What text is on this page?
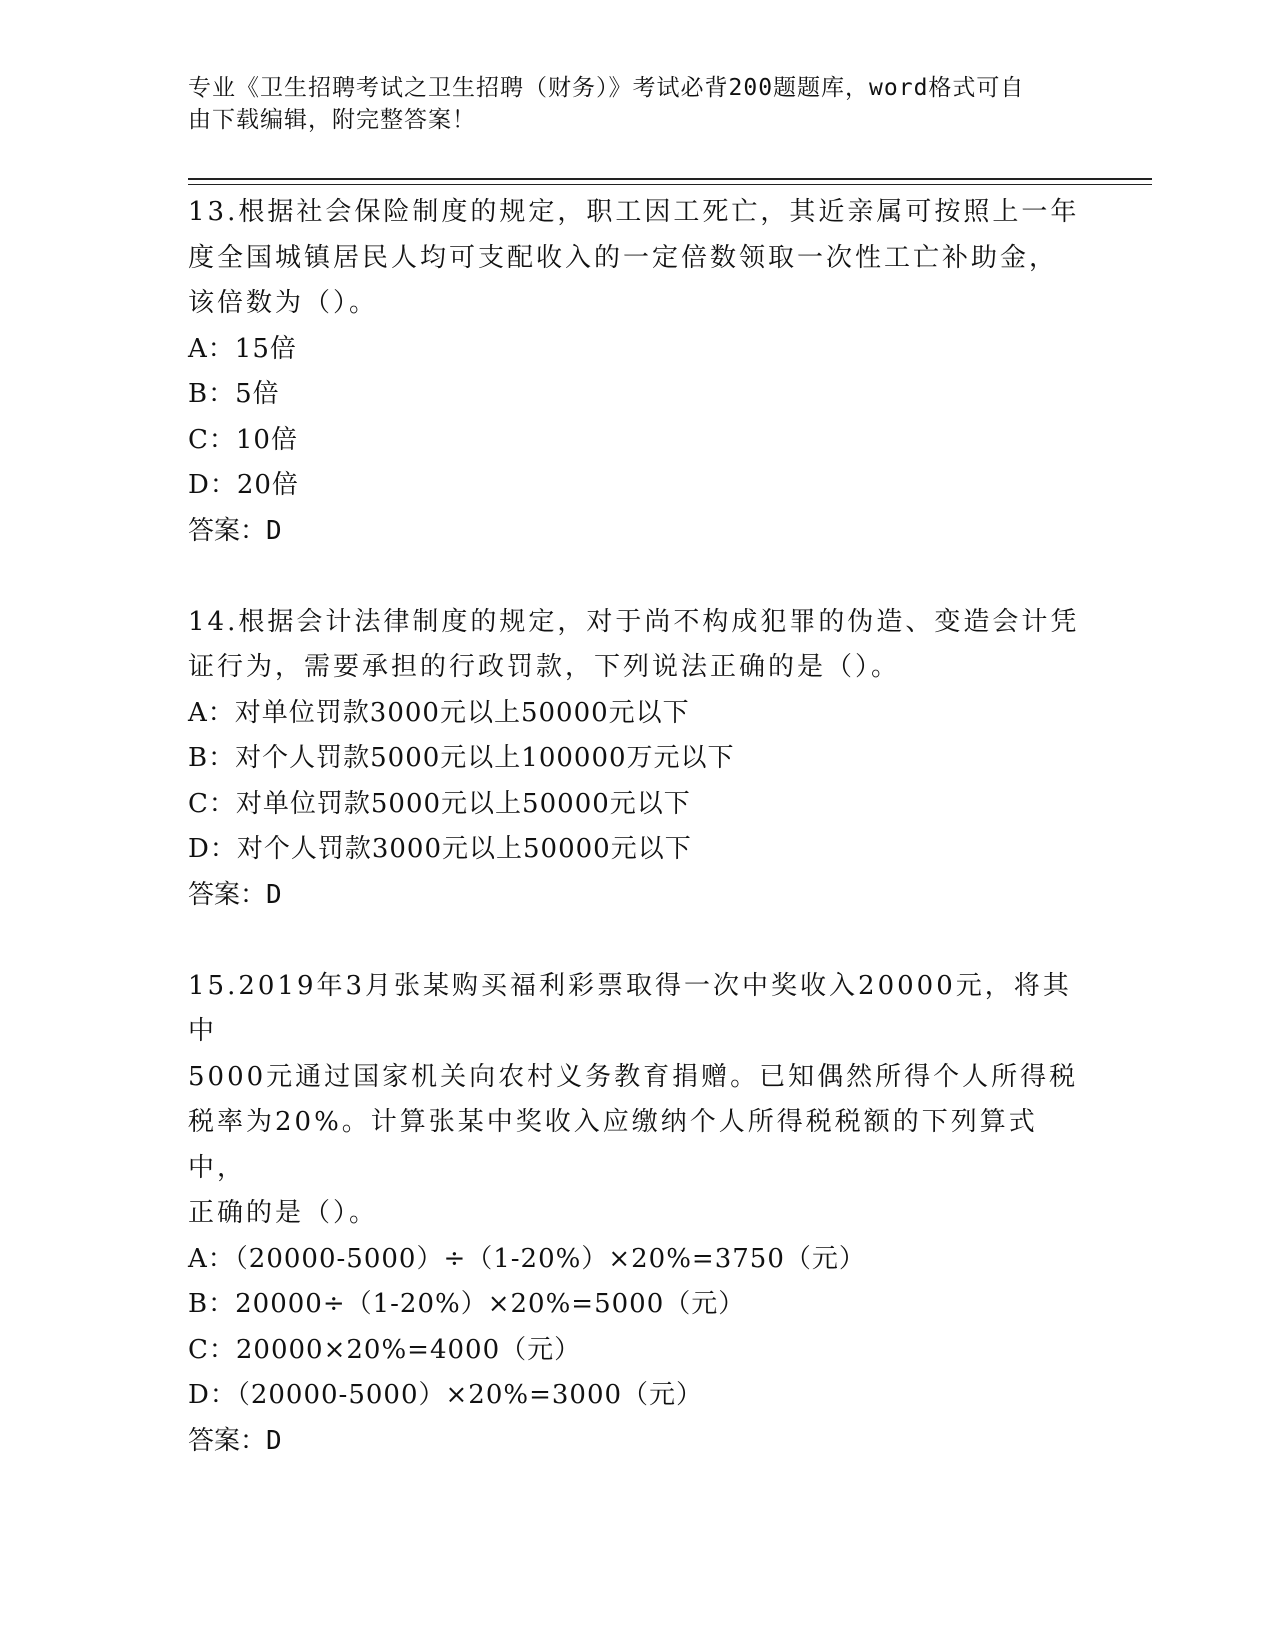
专业《卫生招聘考试之卫生招聘（财务）》考试必背200题题库，word格式可自
由下载编辑，附完整答案！

13.根据社会保险制度的规定，职工因工死亡，其近亲属可按照上一年

度全国城镇居民人均可支配收入的一定倍数领取一次性工亡补助金，

该倍数为（）。

A：15倍

B：5倍

C：10倍

D：20倍

答案：D

14.根据会计法律制度的规定，对于尚不构成犯罪的伪造、变造会计凭

证行为，需要承担的行政罚款，下列说法正确的是（）。

A：对单位罚款3000元以上50000元以下

B：对个人罚款5000元以上100000万元以下

C：对单位罚款5000元以上50000元以下

D：对个人罚款3000元以上50000元以下

答案：D

15.2019年3月张某购买福利彩票取得一次中奖收入20000元，将其中

5000元通过国家机关向农村义务教育捐赠。已知偶然所得个人所得税

税率为20%。计算张某中奖收入应缴纳个人所得税税额的下列算式中，

正确的是（）。

A：（20000-5000）÷（1-20%）×20%=3750（元）

B：20000÷（1-20%）×20%=5000（元）

C：20000×20%=4000（元）

D：（20000-5000）×20%=3000（元）

答案：D
